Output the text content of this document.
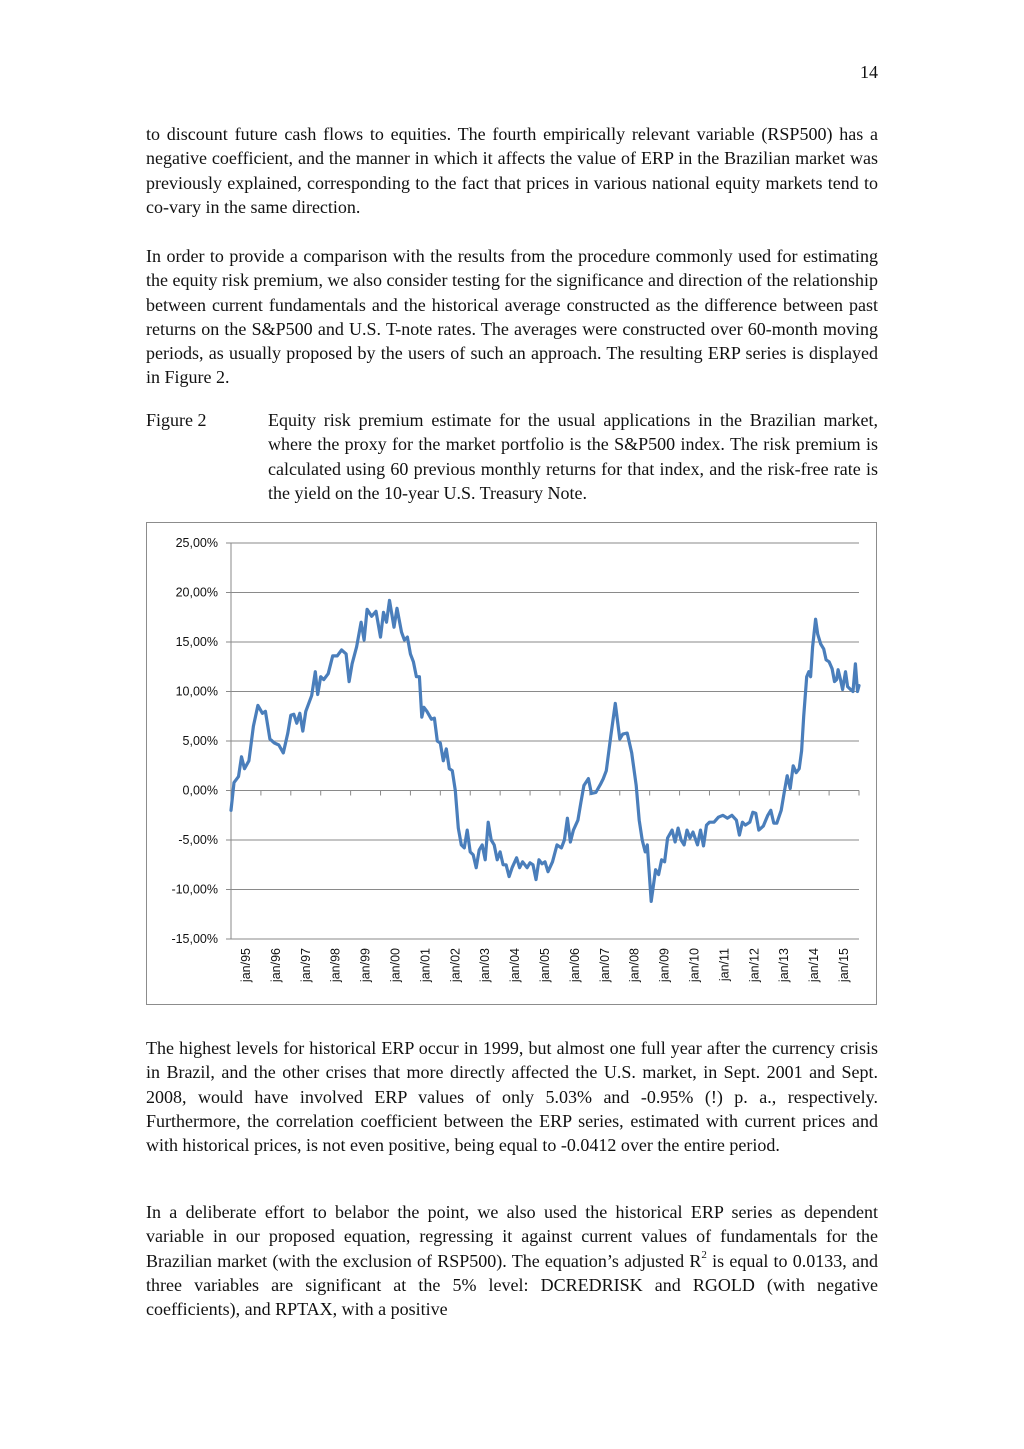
14

to discount future cash flows to equities. The fourth empirically relevant variable (RSP500) has a negative coefficient, and the manner in which it affects the value of ERP in the Brazilian market was previously explained, corresponding to the fact that prices in various national equity markets tend to co-vary in the same direction.

In order to provide a comparison with the results from the procedure commonly used for estimating the equity risk premium, we also consider testing for the significance and direction of the relationship between current fundamentals and the historical average constructed as the difference between past returns on the S&P500 and U.S. T-note rates. The averages were constructed over 60-month moving periods, as usually proposed by the users of such an approach. The resulting ERP series is displayed in Figure 2.

Figure 2	Equity risk premium estimate for the usual applications in the Brazilian market, where the proxy for the market portfolio is the S&P500 index. The risk premium is calculated using 60 previous monthly returns for that index, and the risk-free rate is the yield on the 10-year U.S. Treasury Note.
-15,00%
-10,00%
-5,00%
0,00%
5,00%
10,00%
15,00%
20,00%
25,00%
jan/95 jan/96 jan/97 jan/98 jan/99 jan/00 jan/01 jan/02 jan/03 jan/04 jan/05 jan/06 jan/07 jan/08 jan/09 jan/10 jan/11 jan/12 jan/13 jan/14 jan/15

The highest levels for historical ERP occur in 1999, but almost one full year after the currency crisis in Brazil, and the other crises that more directly affected the U.S. market, in Sept. 2001 and Sept. 2008, would have involved ERP values of only 5.03% and -0.95% (!) p. a., respectively. Furthermore, the correlation coefficient between the ERP series, estimated with current prices and with historical prices, is not even positive, being equal to -0.0412 over the entire period.

In a deliberate effort to belabor the point, we also used the historical ERP series as dependent variable in our proposed equation, regressing it against current values of fundamentals for the Brazilian market (with the exclusion of RSP500). The equation’s adjusted $R^2$ is equal to 0.0133, and three variables are significant at the 5% level: DCREDRISK and RGOLD (with negative coefficients), and RPTAX, with a positive
